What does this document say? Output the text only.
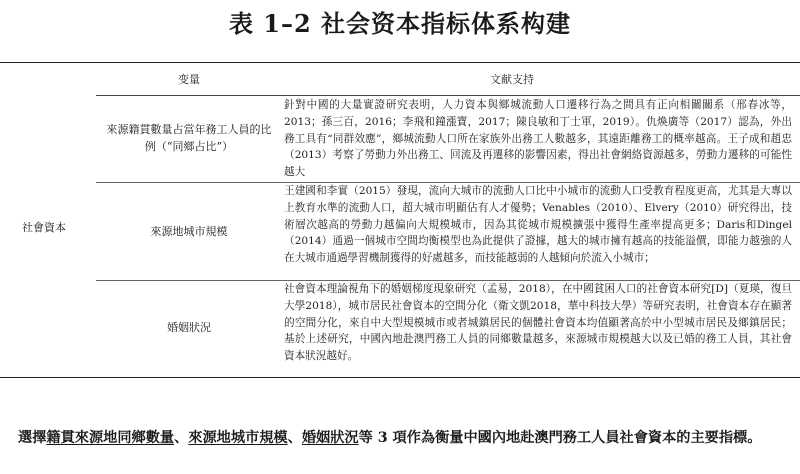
表 1–2 社会资本指标体系构建
变量	文献支持
社會資本
來源籍貫數量占當年務工人員的比例（“同鄉占比”）

針對中國的大量實證研究表明，人力資本與鄉城流動人口遷移行為之間具有正向相關關系（邢春冰等，2013；孫三百，2016；李飛和鐘漲寶，2017；陳良敏和丁士軍，2019）。仇煥廣等（2017）認為，外出務工具有“同群效應”，鄉城流動人口所在家族外出務工人數越多，其遠距離務工的概率越高。王子成和趙忠（2013）考察了勞動力外出務工、回流及再遷移的影響因素，得出社會網絡資源越多，勞動力遷移的可能性越大

來源地城市規模

王建國和李實（2015）發現，流向大城市的流動人口比中小城市的流動人口受教育程度更高，尤其是大專以上教育水準的流動人口，超大城市明顯佔有人才優勢；Venables（2010）、Elvery（2010）研究得出，技術層次越高的勞動力越偏向大規模城市，因為其從城市規模擴張中獲得生產率提高更多；Daris和Dingel（2014）通過一個城市空間均衡模型也為此提供了證據，越大的城市擁有越高的技能溢價，即能力越強的人在大城市通過學習機制獲得的好處越多，而技能越弱的人越傾向於流入小城市；

婚姻狀況

社會資本理論視角下的婚姻梯度現象研究（孟易，2018），在中國貧困人口的社會資本研究[D]（夏瑛，復旦大學2018），城市居民社會資本的空間分化（衛文凱2018，華中科技大學）等研究表明，社會資本存在顯著的空間分化，來自中大型規模城市或者城鎮居民的個體社會資本均值顯著高於中小型城市居民及鄉鎮居民；基於上述研究，中國內地赴澳門務工人員的同鄉數量越多，來源城市規模越大以及已婚的務工人員，其社會資本狀況越好。

選擇籍貫來源地同鄉數量、來源地城市規模、婚姻狀況等 3 項作為衡量中國內地赴澳門務工人員社會資本的主要指標。
